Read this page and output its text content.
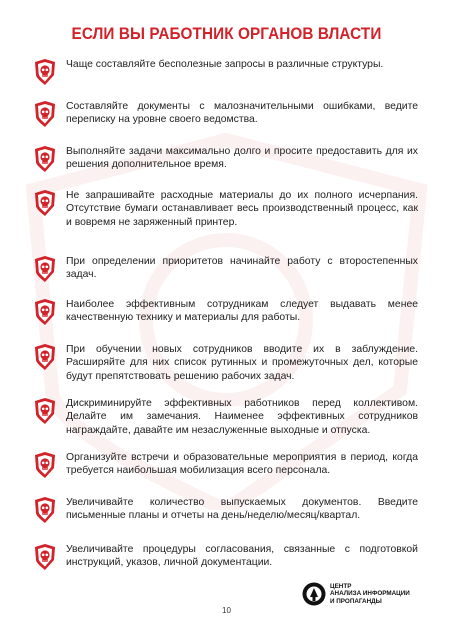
ЕСЛИ ВЫ РАБОТНИК ОРГАНОВ ВЛАСТИ
Чаще составляйте бесполезные запросы в различные структуры.
Составляйте документы с малозначительными ошибками, ведите переписку на уровне своего ведомства.
Выполняйте задачи максимально долго и просите предоставить для их решения дополнительное время.
Не запрашивайте расходные материалы до их полного исчерпания. Отсутствие бумаги останавливает весь производственный процесс, как и вовремя не заряженный принтер.
При определении приоритетов начинайте работу с второстепенных задач.
Наиболее эффективным сотрудникам следует выдавать менее качественную технику и материалы для работы.
При обучении новых сотрудников вводите их в заблуждение. Расширяйте для них список рутинных и промежуточных дел, которые будут препятствовать решению рабочих задач.
Дискриминируйте эффективных работников перед коллективом. Делайте им замечания. Наименее эффективных сотрудников награждайте, давайте им незаслуженные выходные и отпуска.
Организуйте встречи и образовательные мероприятия в период, когда требуется наибольшая мобилизация всего персонала.
Увеличивайте количество выпускаемых документов. Введите письменные планы и отчеты на день/неделю/месяц/квартал.
Увеличивайте процедуры согласования, связанные с подготовкой инструкций, указов, личной документации.
ЦЕНТР
АНАЛИЗА ИНФОРМАЦИИ
И ПРОПАГАНДЫ
10
